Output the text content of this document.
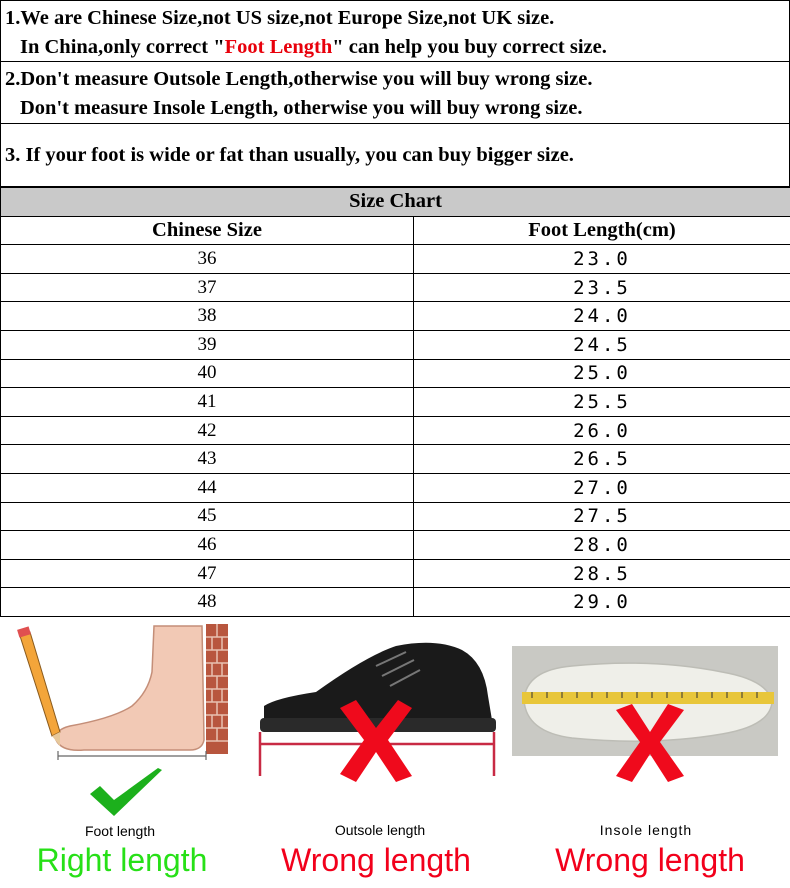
1.We are Chinese Size,not US size,not Europe Size,not UK size.
In China,only correct "Foot Length" can help you buy correct size.
2.Don't measure Outsole Length,otherwise you will buy wrong size.
Don't measure Insole Length, otherwise you will buy wrong size.
3. If your foot is wide or fat than usually, you can buy bigger size.
Size Chart	
Chinese Size	Foot Length(cm)
36	23.0
37	23.5
38	24.0
39	24.5
40	25.0
41	25.5
42	26.0
43	26.5
44	27.0
45	27.5
46	28.0
47	28.5
48	29.0
Foot length
Right length
Outsole length
Wrong length
Insole length
Wrong length
